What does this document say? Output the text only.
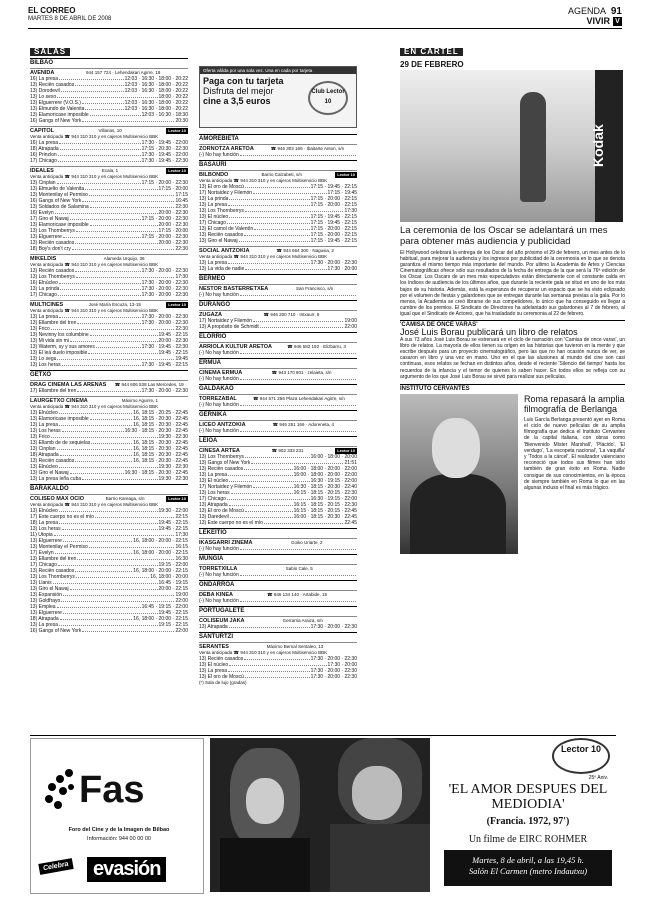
EL CORREO
MARTES 8 DE ABRIL DE 2008
AGENDA
VIVIR
91
V
SALAS
BILBAO
AVENIDA	944 157 724 · Lehendakari Agirre, 18
16) La presa	12:03 · 16:30 · 18:00 · 20:22
13) Reciën casados	12:03 · 16:30 · 18:00 · 20:22
13) Dorodevil	12:03 · 16:30 · 18:00 · 20:22
13) Lo sexo	18:00 · 20:22
13) Elguerrere (V.O.S.)	12:03 · 16:30 · 18:00 · 20:22
13) Elmundo de Valenita	12:03 · 16:30 · 18:00 · 20:22
13) Elamoricase imposible	12:03 · 16:30 · 18:30
16) Gangs of New York	20:30
CAPITOL	Villarias, 10	Lector 10
Venta anticipada ☎ 944 310 310 y en cajeros Multiservicio BBK
16) La presa	17:30 · 19:45 · 22:00
18) Atrapada	17:15 · 20:30 · 22:30
16) Prinzlon	17:30 · 19:45 · 22:00
17) Chicago	17:30 · 19:45 · 22:30
IDEALES	Ecala, 1	Lector 10
Venta anticipada ☎ 944 310 310 y en cajeros Multiservicio BBK
13) Cinplan	17:15 · 20:00 · 22:30
13) Elmuelto de Valenita	17:15 · 20:00
13) Montenilay el Permiso	17:15
16) Gangs of New York	16:45
13) Soldados de Salamina	22:30
16) Evelyn	20:00 · 22:30
17) Giro el Nawaj	17:15 · 20:00 · 22:30
13) Elamoricase imposible	20:00 · 22:30
13) Los Thornberrys	17:15 · 20:00
13) Elguerrere	17:15 · 20:00 · 22:30
13) Reciën casados	20:00 · 22:30
18) Boy's don't cry	22:30
MIKELDIS	Alameda Urquijo, 36
Venta anticipada ☎ 944 310 310 y en cajeros Multiservicio BBK
13) Reciën casados	17:30 · 20:00 · 22:30
13) Los Thornberrys	17:30
16) Elnúcleo	17:30 · 20:00 · 22:30
13) La prinda	17:30 · 20:00 · 22:30
17) Chicago	17:30 · 20:00 · 22:30
MULTICINES	José María Escuza, 13-15	Lector 10
Venta anticipada ☎ 944 310 310 y en cajeros Multiservicio BBK
13) La presa	17:30 · 20:00 · 22:30
13) Ellambre del tren	17:30 · 20:00 · 22:30
13) Frico	22:30
13) Nevinny los columbine	19:45 · 22:15
13) Mi vida sin mi	20:00 · 22:30
13) Waterm, sy y sus amores	17:30 · 19:45 · 22:30
13) El leá duelo imposible	19:45 · 22:15
13) Lo segu	19:45
13) Los heras	17:30 · 19:45 · 22:15
GETXO
DRAG CINEMA LAS ARENAS	☎ 944 606 538 Las Mercedes, 19
17) Ellambre del tren	17:30 · 20:00 · 22:30
LAURGETXO CINEMA	Máximo Aguirre, 1
Venta anticipada ☎ 944 310 310 y en cajeros Multiservicio BBK
13) Elnúcleo	16, 18:15 · 20:25 · 22:45
13) Elamoricase imposible	16, 18:15 · 20:30 · 22:45
13) La presa	16, 18:15 · 20:30 · 22:45
13) Los heras	16:30 · 18:15 · 20:30 · 22:45
13) Frico	19:30 · 22:30
13) Ellamb de de sequielas	16, 18:15 · 20:30 · 22:45
13) Cinplan	16, 18:15 · 20:30 · 22:45
18) Atrapada	16, 18:15 · 20:30 · 22:45
13) Reciën casados	16, 18:15 · 20:30 · 22:45
13) Elnúcleo	19:30 · 22:30
13) Giro el Nawaj	16:30 · 18:15 · 20:30 · 22:45
13) La presa leña cuba	19:30 · 22:30
BARAKALDO
COLISEO MAX OCIO	Barrio Kareaga, s/n	Lector 10
Venta anticipada ☎ 944 310 310 y en cajeros Multiservicio BBK
13) Elnúcleo	19:30 · 22:00
17) Este cuerpo no es el mío	22:15
18) La presa	19:45 · 22:15
13) Los heras	19:45 · 22:15
11) Utopia	17:30
13) Elguerrere	16, 18:00 · 20:00 · 22:15
13) Montenilay el Permiso	16:15
17) Evelyn	16, 18:00 · 20:00 · 22:15
13) Ellambre del tren	16:30
17) Chicago	19:15 · 22:00
13) Reciën casados	16, 18:00 · 20:00 · 22:15
13) Los Thornberrys	16, 18:00 · 20:00
13) Llanis	16:45 · 19:15
13) Giro el Nawaj	20:00 · 22:15
13) Expansión	19:00
13) Goldfrayo	22:00
13) Emplea	16:45 · 19:15 · 22:00
13) Elguerrere	19:45 · 22:15
18) Atrapada	16, 18:00 · 20:00 · 22:15
13) La presa	19:15 · 22:15
16) Gangs of New York	22:00
Oferta válida por una sola vez. Una en cada por tarjeta
Paga con tu tarjeta
Disfruta del mejor
cine a 3,5 euros
Club Lector 10
AMOREBIETA
ZORNOTZA ARETOA	☎ 946 303 166 · Ibaitarte Anton, s/n
(-) No hay función
BASAURI
BILBONDO	Barrio Calzabeti, s/n	Lector 10
Venta anticipada ☎ 944 310 310 y en cajeros Multiservicio BBK
13) El oro de Moscú	17:15 · 19:45 · 22:15
17) Nortaidez y Filemón	17:15 · 19:45
13) La prinda	17:15 · 20:00 · 22:15
13) La presa	17:15 · 20:00 · 22:15
13) Los Thornberrys	17:30
13) El núcleo	17:15 · 19:45 · 22:15
17) Chicago	17:15 · 19:45 · 22:15
13) El camol de Valentín	17:15 · 20:00 · 22:15
13) Reciën casados	17:15 · 20:00 · 22:15
13) Giro el Nawaj	17:15 · 19:45 · 22:15
SOCIAL ANTZOKIA	☎ 944 664 300 · Nagusia, 2
Venta anticipada ☎ 944 310 310 y en cajeros Multiservicio BBK
13) La presa	17:30 · 20:00 · 22:30
13) La vida de nadie	17:30 · 20:00
BERMEO
NESTOR BASTERRETXEA	San Francisco, s/n
(-) No hay función
DURANGO
ZUGAZA	☎ 946 200 710 · Intxaurr, 8
17) Nortaidez y Filemón	19:00
13) A propósito de Schmidt	22:00
ELORRIO
ARRIOLA KULTUR ARETOA	☎ 946 582 192 · Elizbarru, 3
(-) No hay función
ERMUA
CINEMA ERMUA	☎ 943 170 801 · zelaieta, s/n
(-) No hay función
GALDAKAO
TORREZABAL	☎ 944 571 256 Plaza Lehendakari Agirre, s/n
(-) No hay función
GERNIKA
LICEO ANTZOKIA	☎ 946 251 166 · Adoreneta, 4
(-) No hay función
LEIOA
CINESA ARTEA	☎ 902 333 231	Lector 10
13) Los Thornberrys	16:00 · 18:00 · 20:00
13) Gangs of New York	21:51
13) Reciën casados	16:00 · 18:00 · 20:00 · 22:00
13) La presa	16:00 · 18:00 · 20:00 · 22:00
13) El núcleo	16:30 · 19:15 · 22:00
17) Nortaidez y Filemón	16:30 · 18:15 · 20:30 · 22:40
13) Los heras	16:15 · 18:15 · 20:15 · 22:30
17) Chicago	16:30 · 19:15 · 22:00
13) Atrapada	16:15 · 18:15 · 20:15 · 22:30
13) El oro de Moscú	16:15 · 18:15 · 20:15 · 22:45
13) Daredevil	16:00 · 18:15 · 20:30 · 22:45
13) Este cuerpo no es el mío	22:45
LEKEITIO
IKASGARRI ZINEMA	Goiko Uriarte, 2
(-) No hay función
MUNGIA
TORRETXILLA	Sabin Cale, 5
(-) No hay función
ONDARROA
DEBA KINEA	☎ 946 134 140 · Artabide, 15
(-) No hay función
PORTUGALETE
COLISEUM JAKA	Gerrarria Araiza, s/n
13) Atrapada	17:30 · 20:00 · 22:30
SANTURTZI
SERANTES	Máximo Bernal Sentaleo, 13
Venta anticipada ☎ 944 310 310 y en cajeros Multiservicio BBK
13) Reciën casados	17:30 · 20:00 · 22:30
13) El núcleo	17:30 · 20:00
13) La presa	17:30 · 20:00 · 22:30
13) El oro de Moscú	17:30 · 20:00 · 22:30
(*) Sala de lujo (gradas)
EN CARTEL
29 DE FEBRERO
Kodak
La ceremonia de los Oscar se adelantará un mes para obtener más audiencia y publicidad
El Hollywood celebrará la entrega de los Oscar del año próximo el 29 de febrero, un mes antes de lo habitual, para mejorar la audiencia y los ingresos por publicidad de la ceremonia en lo que se denota garantiza el mismo tiempo más importante del mundo. Por ultimo la Academia de Artes y Ciencias Cinematográficas ofrece sólo sus resultados de la fecha de entrega de la que será la 76ª edición de los Oscar. Los Oscars de un mes más especulativos están directamente con el constante calda en los índices de audiencia de los últimos años, que durante la reciente gala se situó en uno de los más bajos de su historia. Además, está la esperanza de recuperar un espacio que se ha visto eclipsado por el volumen de fiestas y galardones que se entregan durante las semanas previas a la gala. Por lo menos, la Academia se creó librarse de sus competidores, lo único que ha conseguido es llegar a cumbre de los premios. El Sindicato de Directores ha adelantado sus galardones al 7 de febrero, al igual que el Sindicato de Actores, que ha trasladado su ceremonia al 22 de febrero.
'CAMISA DE ONCE VARAS'
José Luis Borau publicará un libro de relatos
A sus 73 años José Luis Borau se estrenará en el ciclo de narración con 'Camisa de once varas', un libro de relatos. La mayoría de ellos tienen su origen en las historias que tuvieron en la mente y que escribe después para un proyecto cinematográfico, pero las que no han ocasión nunca de ver, se casaron en libro y una vez en mano. Uno en el que las alusiones al mundo del cine son casi continuas, esos relatos se fechan en distintos años, desde el reciente 'Silencio del tiempo' hasta los recuerdos de la infancia y el temor de quienes lo saben hacer. En todos ellos se refleja con su argumento de los que José Luis Borau se sirvió para realizar sus películas.
INSTITUTO CERVANTES
Roma repasará la amplia filmografía de Berlanga
Luis García Berlanga presentó ayer en Roma el ciclo de nuevo películas de su amplia filmografía que dedica el Instituto Cervantes de la capital italiana, con obras como 'Bienvenido Míster Marshall', 'Plácido', 'El verdugo', 'La escopeta nacional', 'La vaquilla' y 'Todos a la cárcel'. El realizador valenciano reconoció que todos sus filmes han sido también de gran éxito en Roma. Nadie consigue de sus conocimientos, en la época de siempre también en Roma lo que en las algunas incluso el final es más trágico.
Fas
Foro del Cine y de la Imagen de Bilbao
Información: 944 00 00 00
Celebra	evasión
Lector 10
25º Aniv.
'EL AMOR DESPUES DEL MEDIODIA'
(Francia. 1972, 97')
Un filme de EIRC ROHMER
Martes, 8 de abril, a las 19,45 h.
Salón El Carmen (metro Indautxu)
